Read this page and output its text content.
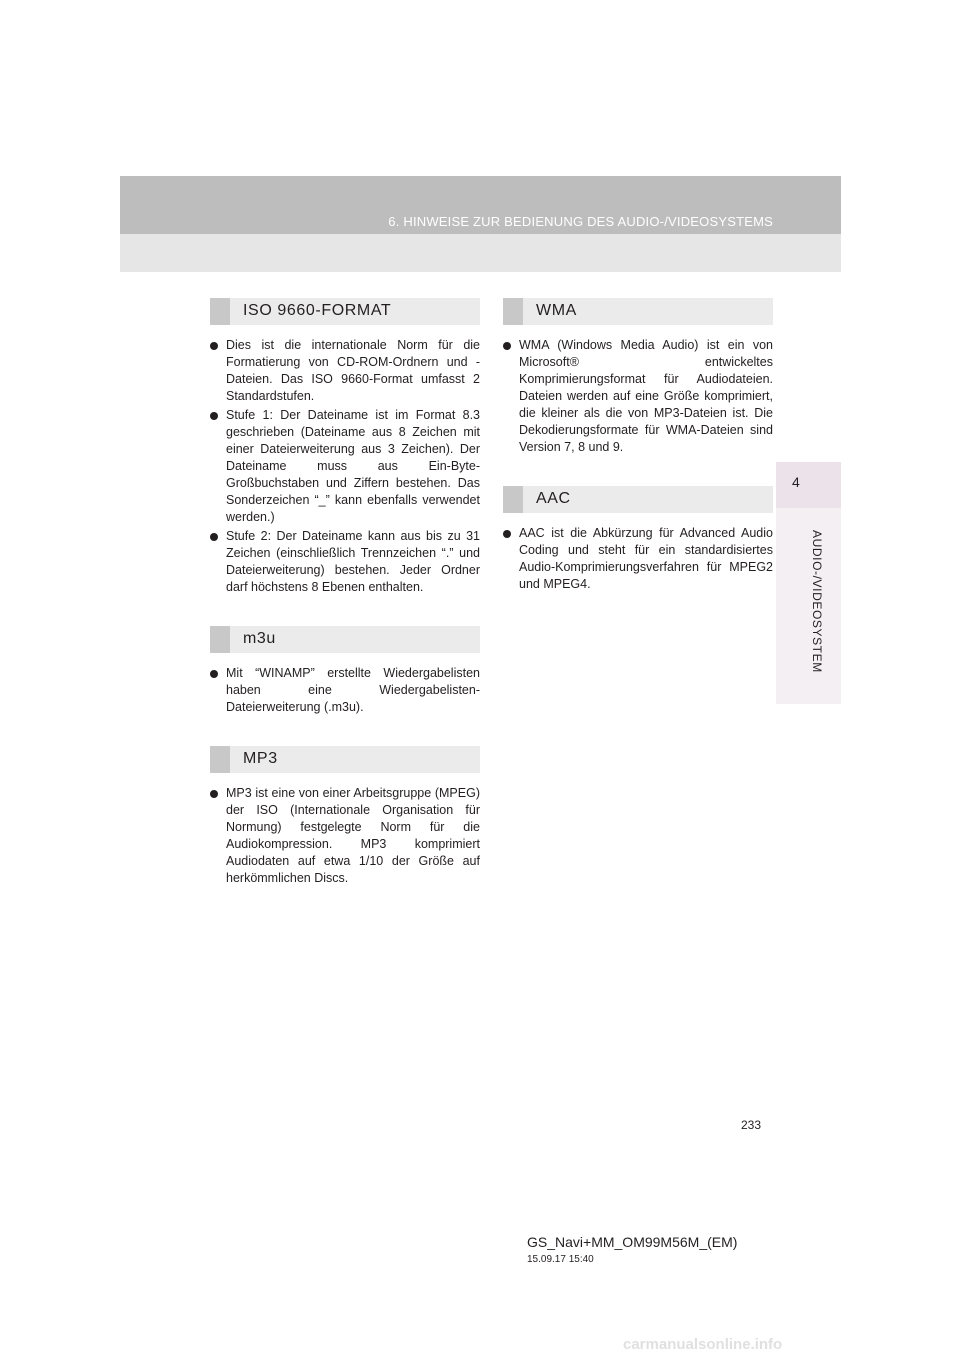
6. HINWEISE ZUR BEDIENUNG DES AUDIO-/VIDEOSYSTEMS
4
AUDIO-/VIDEOSYSTEM
ISO 9660-FORMAT
Dies ist die internationale Norm für die Formatierung von CD-ROM-Ordnern und -Dateien. Das ISO 9660-Format umfasst 2 Standardstufen.
Stufe 1: Der Dateiname ist im Format 8.3 geschrieben (Dateiname aus 8 Zeichen mit einer Dateierweiterung aus 3 Zeichen). Der Dateiname muss aus Ein-Byte-Großbuchstaben und Ziffern bestehen. Das Sonderzeichen “_” kann ebenfalls verwendet werden.)
Stufe 2: Der Dateiname kann aus bis zu 31 Zeichen (einschließlich Trennzeichen “.” und Dateierweiterung) bestehen. Jeder Ordner darf höchstens 8 Ebenen enthalten.
m3u
Mit “WINAMP” erstellte Wiedergabelisten haben eine Wiedergabelisten-Dateierweiterung (.m3u).
MP3
MP3 ist eine von einer Arbeitsgruppe (MPEG) der ISO (Internationale Organisation für Normung) festgelegte Norm für die Audiokompression. MP3 komprimiert Audiodaten auf etwa 1/10 der Größe auf herkömmlichen Discs.
WMA
WMA (Windows Media Audio) ist ein von Microsoft® entwickeltes Komprimierungsformat für Audiodateien. Dateien werden auf eine Größe komprimiert, die kleiner als die von MP3-Dateien ist. Die Dekodierungsformate für WMA-Dateien sind Version 7, 8 und 9.
AAC
AAC ist die Abkürzung für Advanced Audio Coding und steht für ein standardisiertes Audio-Komprimierungsverfahren für MPEG2 und MPEG4.
233
GS_Navi+MM_OM99M56M_(EM)
15.09.17 15:40
carmanualsonline.info
